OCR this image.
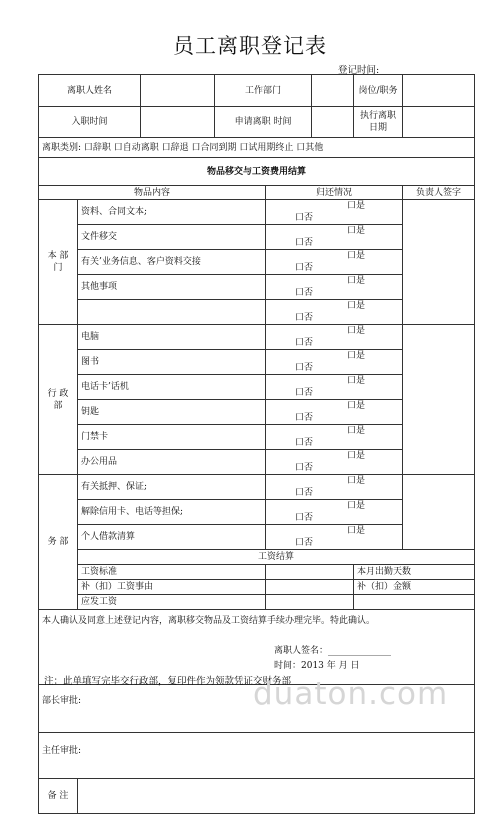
员工离职登记表
登记时间:
离职人姓名			工作部门			岗位/职务	
入职时间			申请离职 时间			执行离职 日期	
离职类别: 口辞职 口自动离职 口辞退 口合同到期 口试用期终止 口其他							
物品移交与工资费用结算							
物品内容				归还情况			负责人签字
本 部 门	资料、合同文本;			口是口否			
	文件移交			口是口否			
	有关’业务信息、客户资料交接			口是口否			
	其他事项			口是口否			
				口是口否			
行 政 部	电脑			口是口否			
	图书			口是口否			
	电话卡’话机			口是口否			
	钥匙			口是口否			
	门禁卡			口是口否			
	办公用品			口是口否			
务 部	有关抵押、保证;			口是口否			
	解除信用卡、电话等担保;			口是口否			
	个人借款清算			口是口否			
	工资结算						
	工资标准					本月出勤天数	
	补（扣）工资事由					补（扣）金额	
	应发工资						

本人确认及同意上述登记内容，离职移交物品及工资结算手续办理完毕。特此确认。
离职人签名：______________
时间：2013 年 月 日							

部长审批:							
主任审批:							
备 注							
注：此单填写完毕交行政部，复印件作为领款凭证交财务部
duaton.com
